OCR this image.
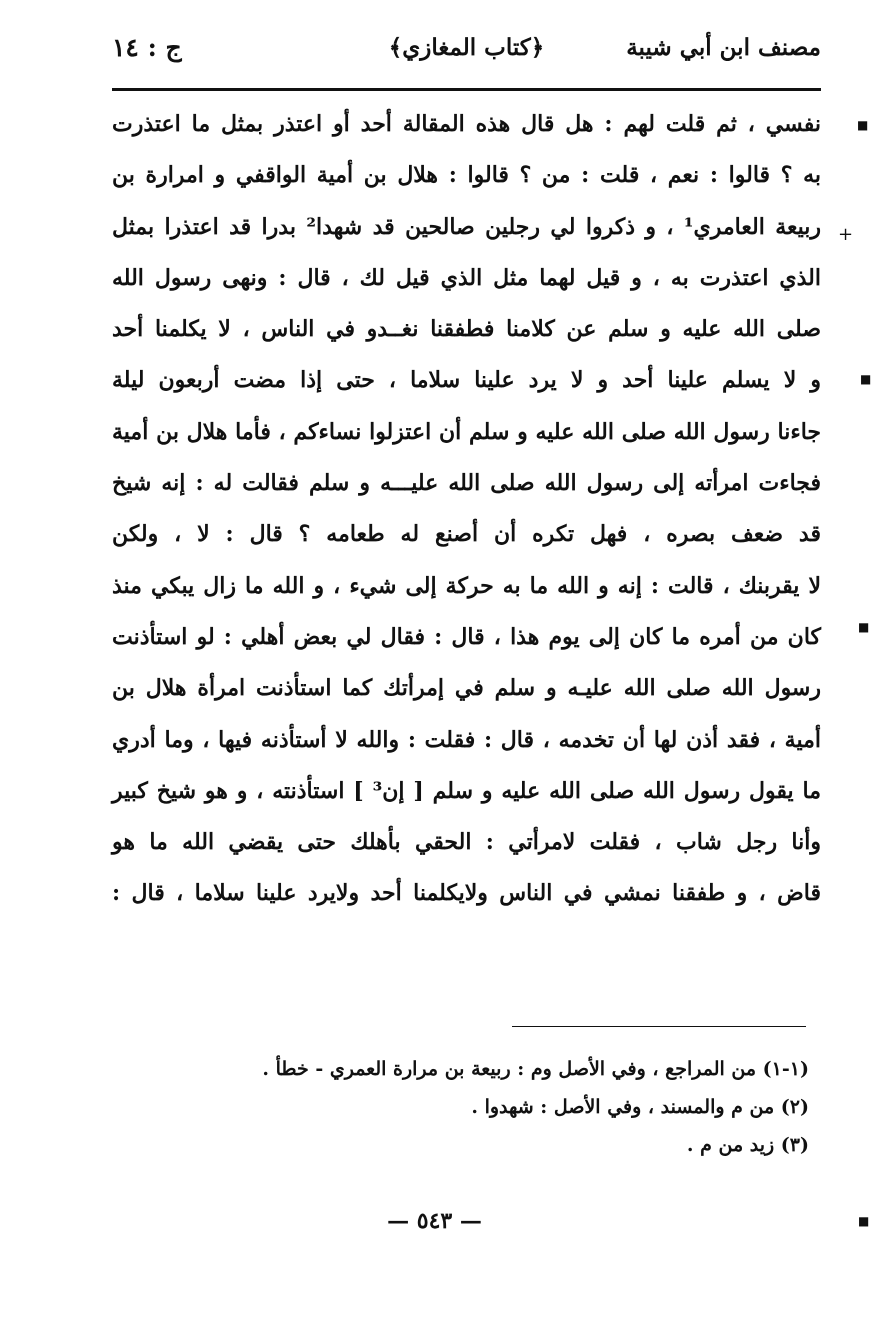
مصنف ابن أبي شيبة
﴿كتاب المغازي﴾
ج : ١٤
نفسي ، ثم قلت لهم : هل قال هذه المقالة أحد أو اعتذر بمثل ما اعتذرت
به ؟ قالوا : نعم ، قلت : من ؟ قالوا : هلال بن أمية الواقفي و امرارة بن
ربيعة العامري¹ ، و ذكروا لي رجلين صالحين قد شهدا² بدرا قد اعتذرا بمثل
الذي اعتذرت به ، و قيل لهما مثل الذي قيل لك ، قال : ونهى رسول الله
صلى الله عليه و سلم عن كلامنا فطفقنا نغــدو في الناس ، لا يكلمنا أحد
و لا يسلم علينا أحد و لا يرد علينا سلاما ، حتى إذا مضت أربعون ليلة
جاءنا رسول الله صلى الله عليه و سلم أن اعتزلوا نساءكم ، فأما هلال بن أمية
فجاءت امرأته إلى رسول الله صلى الله عليـــه و سلم فقالت له : إنه شيخ
قد ضعف بصره ، فهل تكره أن أصنع له طعامه ؟ قال : لا ، ولكن
لا يقربنك ، قالت : إنه و الله ما به حركة إلى شيء ، و الله ما زال يبكي منذ
كان من أمره ما كان إلى يوم هذا ، قال : فقال لي بعض أهلي : لو استأذنت
رسول الله صلى الله عليـه و سلم في إمرأتك كما استأذنت امرأة هلال بن
أمية ، فقد أذن لها أن تخدمه ، قال : فقلت : والله لا أستأذنه فيها ، وما أدري
ما يقول رسول الله صلى الله عليه و سلم [ إن³ ] استأذنته ، و هو شيخ كبير
وأنا رجل شاب ، فقلت لامرأتي : الحقي بأهلك حتى يقضي الله ما هو
قاض ، و طفقنا نمشي في الناس ولايكلمنا أحد ولايرد علينا سلاما ، قال :
■
+
■
■
■
(١-١) من المراجع ، وفي الأصل وم : ربيعة بن مرارة العمري - خطأ .
(٢) من م والمسند ، وفي الأصل : شهدوا .
(٣) زيد من م .
— ٥٤٣ —
